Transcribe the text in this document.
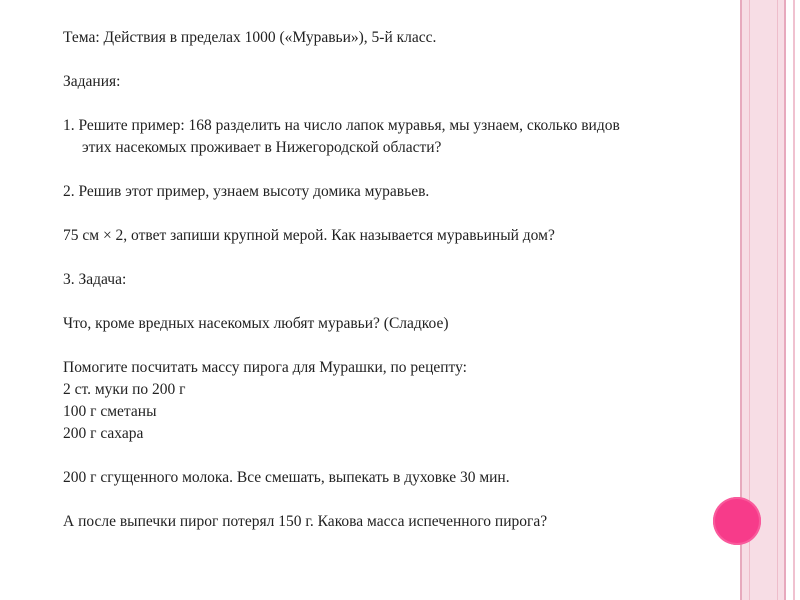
Тема: Действия в пределах 1000 («Муравьи»), 5-й класс.

Задания:

1. Решите пример: 168 разделить на число лапок муравья, мы узнаем, сколько видов

этих насекомых проживает в Нижегородской области?

2. Решив этот пример, узнаем высоту домика муравьев.

75 см × 2, ответ запиши крупной мерой. Как называется муравьиный дом?

3. Задача:

Что, кроме вредных насекомых любят муравьи? (Сладкое)

Помогите посчитать массу пирога для Мурашки, по рецепту:

2 ст. муки по 200 г

100 г сметаны

200 г сахара

200 г сгущенного молока. Все смешать, выпекать в духовке 30 мин.

А после выпечки пирог потерял 150 г. Какова масса испеченного пирога?
